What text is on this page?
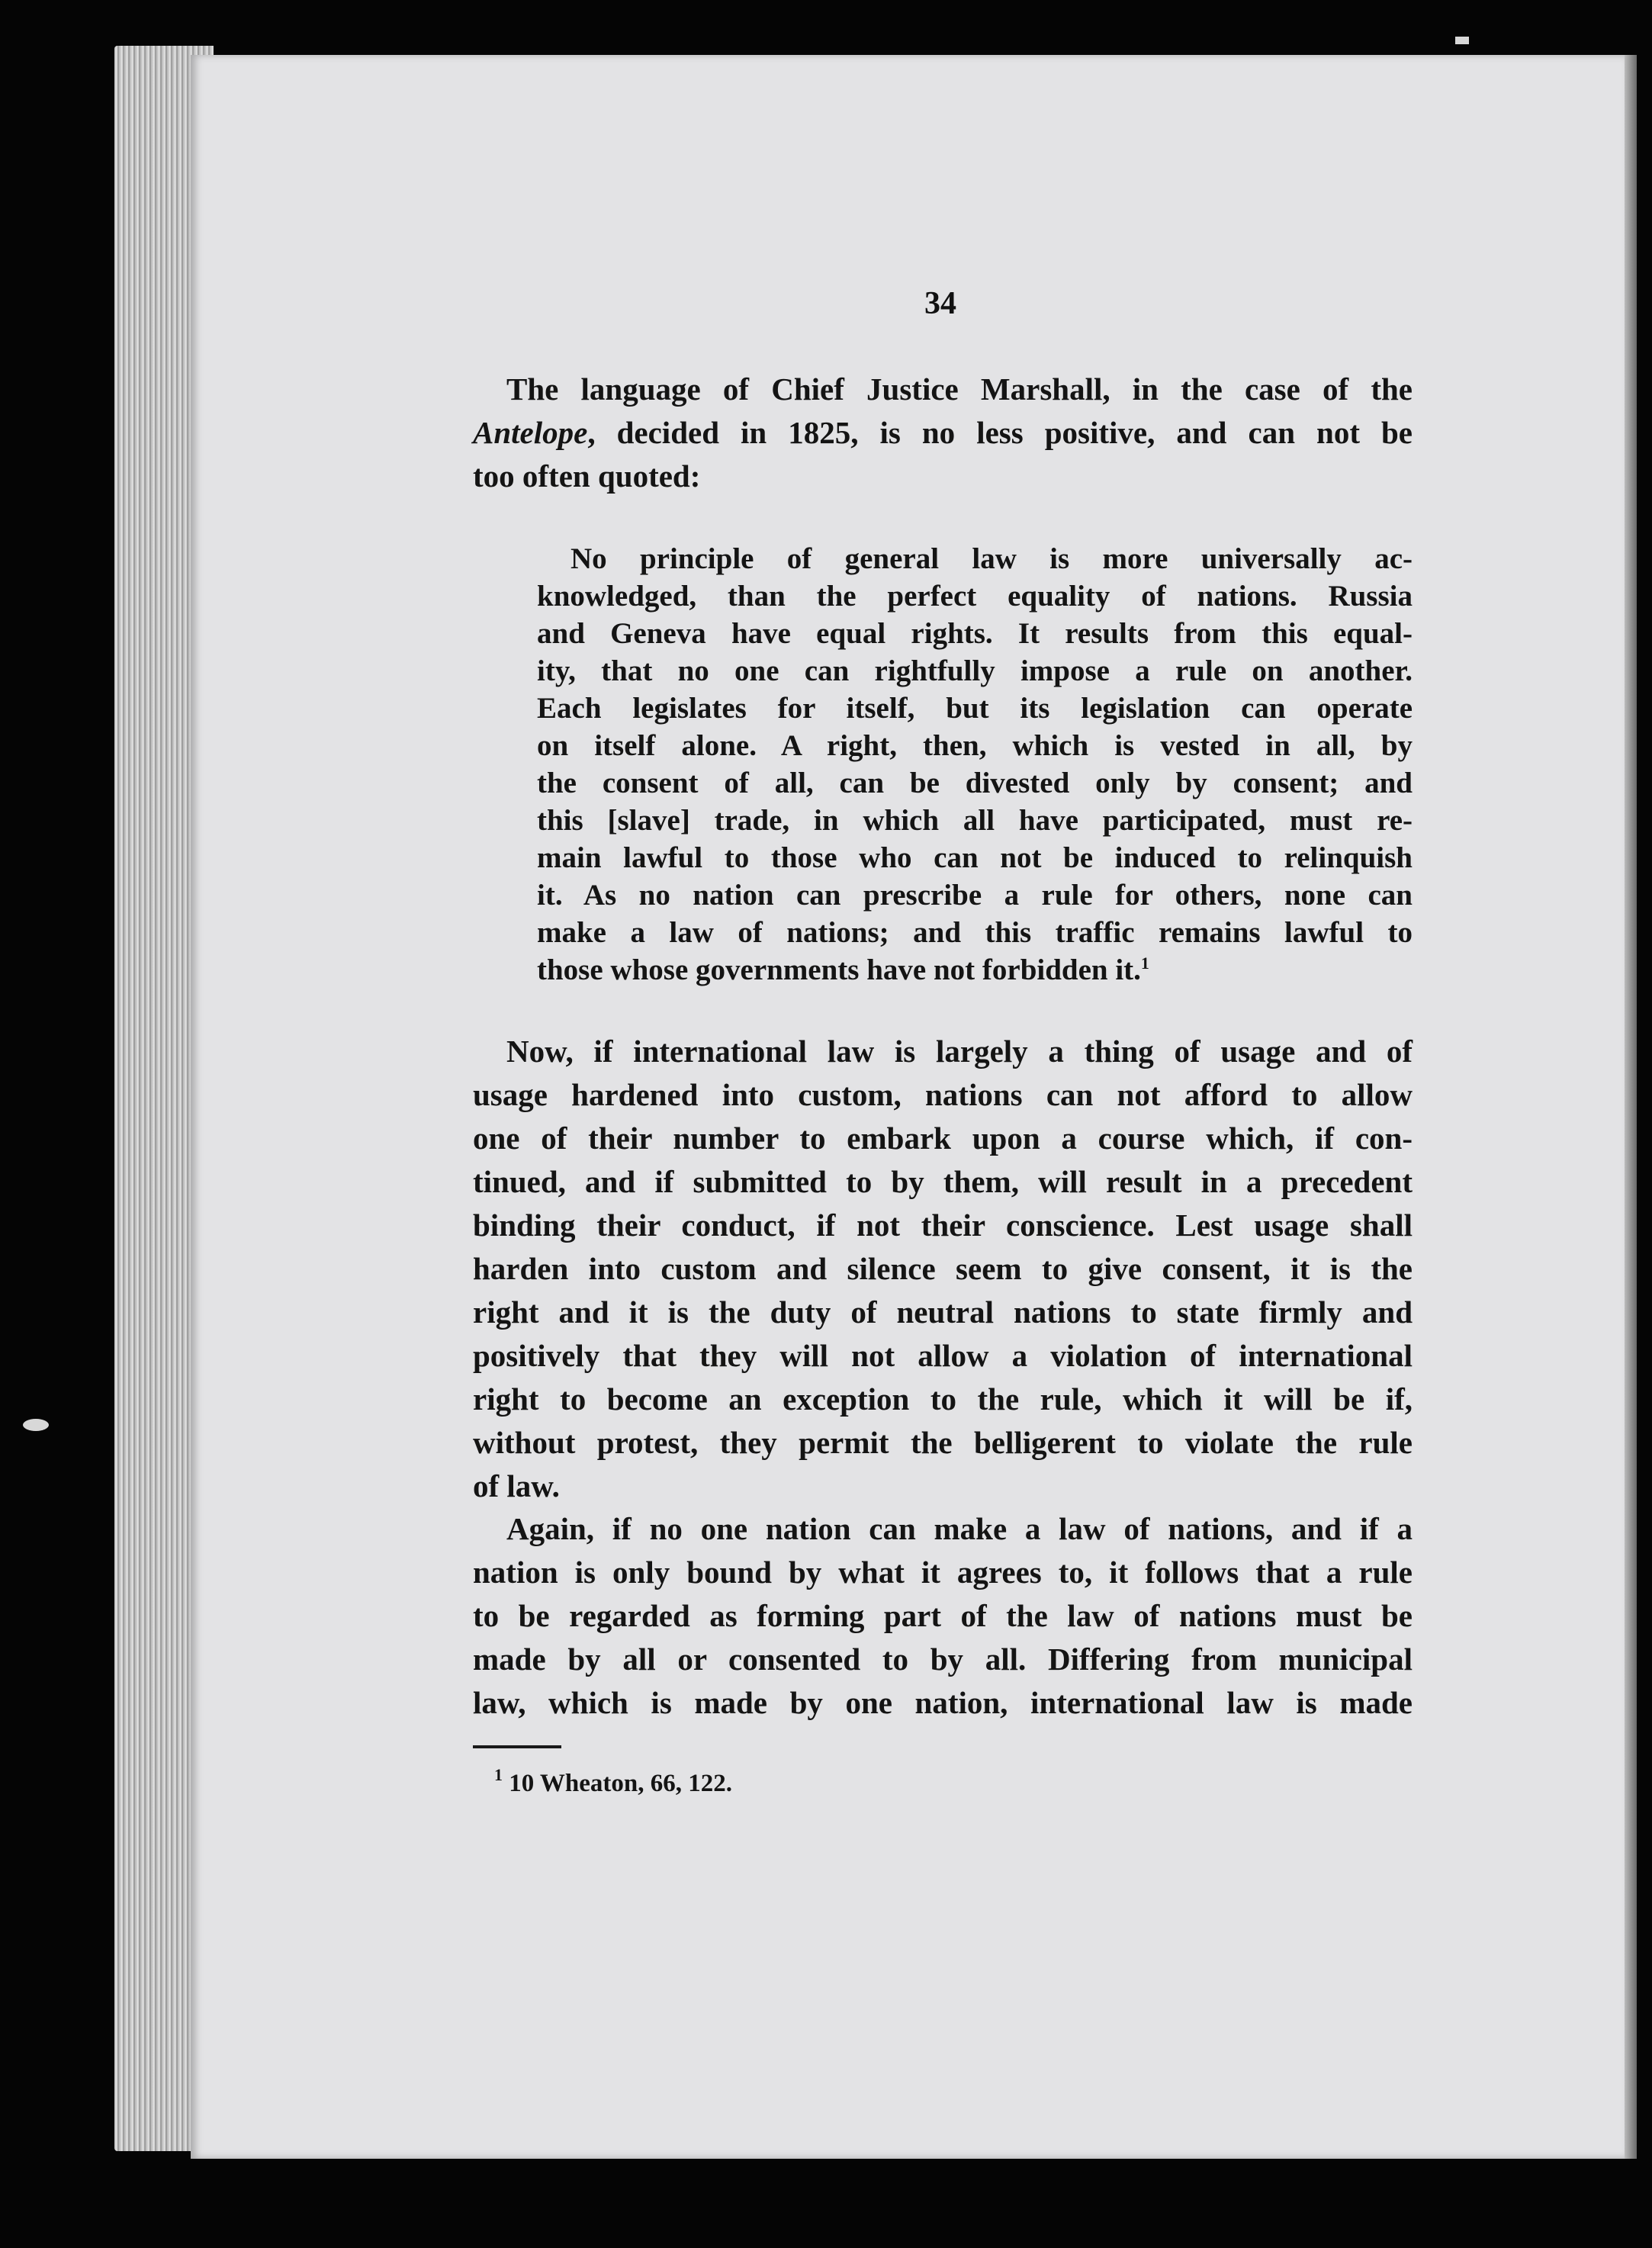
34
The language of Chief Justice Marshall, in the case of the
Antelope, decided in 1825, is no less positive, and can not be
too often quoted:
No principle of general law is more universally ac-
knowledged, than the perfect equality of nations. Russia
and Geneva have equal rights. It results from this equal-
ity, that no one can rightfully impose a rule on another.
Each legislates for itself, but its legislation can operate
on itself alone. A right, then, which is vested in all, by
the consent of all, can be divested only by consent; and
this [slave] trade, in which all have participated, must re-
main lawful to those who can not be induced to relinquish
it. As no nation can prescribe a rule for others, none can
make a law of nations; and this traffic remains lawful to
those whose governments have not forbidden it.$^1$
Now, if international law is largely a thing of usage and of
usage hardened into custom, nations can not afford to allow
one of their number to embark upon a course which, if con-
tinued, and if submitted to by them, will result in a precedent
binding their conduct, if not their conscience. Lest usage shall
harden into custom and silence seem to give consent, it is the
right and it is the duty of neutral nations to state firmly and
positively that they will not allow a violation of international
right to become an exception to the rule, which it will be if,
without protest, they permit the belligerent to violate the rule
of law.
Again, if no one nation can make a law of nations, and if a
nation is only bound by what it agrees to, it follows that a rule
to be regarded as forming part of the law of nations must be
made by all or consented to by all. Differing from municipal
law, which is made by one nation, international law is made
$^1$ 10 Wheaton, 66, 122.
